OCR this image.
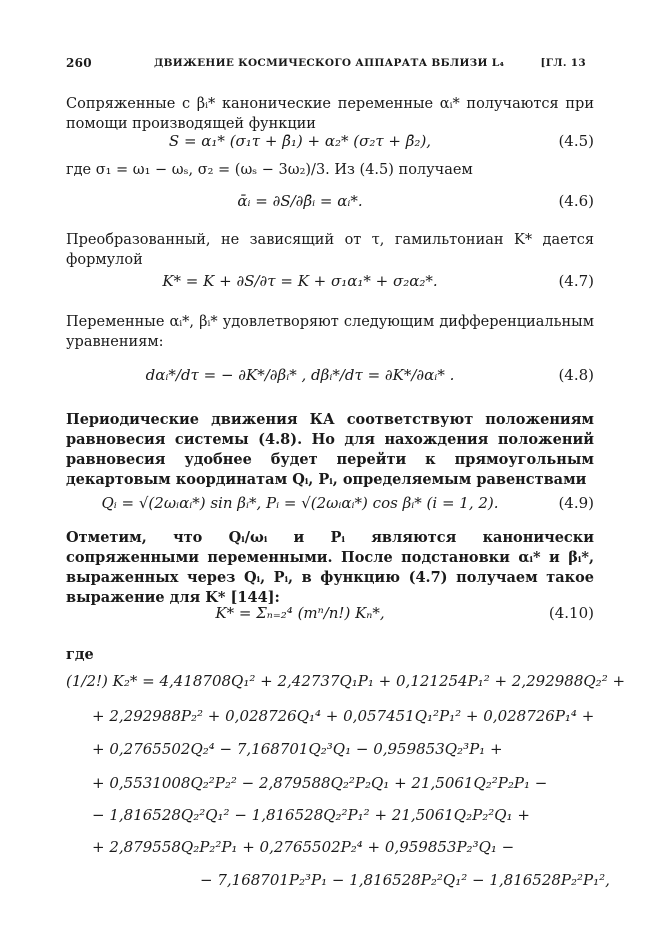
260	ДВИЖЕНИЕ КОСМИЧЕСКОГО АППАРАТА ВБЛИЗИ L₄	[ГЛ. 13
Сопряженные с βᵢ* канонические переменные αᵢ* получаются при помощи производящей функции
S = α₁* (σ₁τ + β̄₁) + α₂* (σ₂τ + β̄₂),	(4.5)
где σ₁ = ω₁ − ωₛ, σ₂ = (ωₛ − 3ω₂)/3. Из (4.5) получаем
ᾱᵢ = ∂S/∂β̄ᵢ = αᵢ*.	(4.6)
Преобразованный, не зависящий от τ, гамильтониан K* дается формулой
K* = K + ∂S/∂τ = K + σ₁α₁* + σ₂α₂*.	(4.7)
Переменные αᵢ*, βᵢ* удовлетворяют следующим дифференциальным уравнениям:
dαᵢ*/dτ = − ∂K*/∂βᵢ* , dβᵢ*/dτ = ∂K*/∂αᵢ* .	(4.8)
Периодические движения КА соответствуют положениям равновесия системы (4.8). Но для нахождения положений равновесия удобнее будет перейти к прямоугольным декартовым координатам Qᵢ, Pᵢ, определяемым равенствами
Qᵢ = √(2ωᵢαᵢ*) sin βᵢ*, Pᵢ = √(2ωᵢαᵢ*) cos βᵢ* (i = 1, 2).	(4.9)
Отметим, что Qᵢ/ωᵢ и Pᵢ являются канонически сопряженными переменными. После подстановки αᵢ* и βᵢ*, выраженных через Qᵢ, Pᵢ, в функцию (4.7) получаем такое выражение для K* [144]:
K* = Σₙ₌₂⁴ (mⁿ/n!) Kₙ*,	(4.10)
где
(1/2!) K₂* = 4,418708Q₁² + 2,42737Q₁P₁ + 0,121254P₁² + 2,292988Q₂² +
+ 2,292988P₂² + 0,028726Q₁⁴ + 0,057451Q₁²P₁² + 0,028726P₁⁴ +
+ 0,2765502Q₂⁴ − 7,168701Q₂³Q₁ − 0,959853Q₂³P₁ +
+ 0,5531008Q₂²P₂² − 2,879588Q₂²P₂Q₁ + 21,5061Q₂²P₂P₁ −
− 1,816528Q₂²Q₁² − 1,816528Q₂²P₁² + 21,5061Q₂P₂²Q₁ +
+ 2,879558Q₂P₂²P₁ + 0,2765502P₂⁴ + 0,959853P₂³Q₁ −
− 7,168701P₂³P₁ − 1,816528P₂²Q₁² − 1,816528P₂²P₁²,
